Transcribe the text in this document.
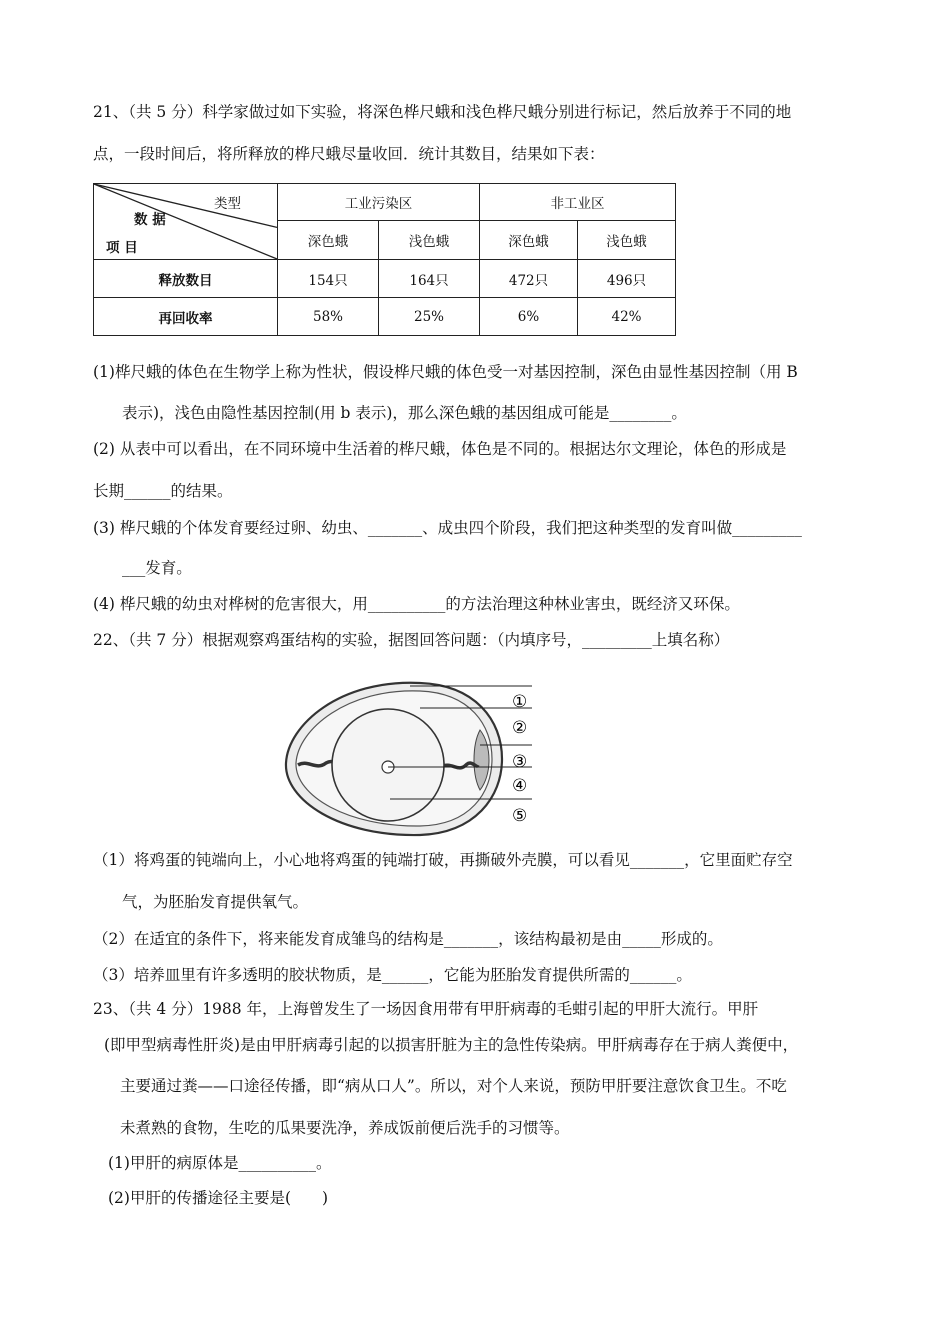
21、（共 5 分）科学家做过如下实验，将深色桦尺蛾和浅色桦尺蛾分别进行标记，然后放养于不同的地
点，一段时间后，将所释放的桦尺蛾尽量收回．统计其数目，结果如下表：
类型
数 据
项 目	工业污染区		非工业区	
	深色蛾	浅色蛾	深色蛾	浅色蛾
释放数目	154只	164只	472只	496只
再回收率	58%	25%	6%	42%
(1)桦尺蛾的体色在生物学上称为性状，假设桦尺蛾的体色受一对基因控制，深色由显性基因控制（用 B
表示)，浅色由隐性基因控制(用 b 表示)，那么深色蛾的基因组成可能是________。
(2) 从表中可以看出，在不同环境中生活着的桦尺蛾，体色是不同的。根据达尔文理论，体色的形成是
长期______的结果。
(3) 桦尺蛾的个体发育要经过卵、幼虫、_______、成虫四个阶段，我们把这种类型的发育叫做_________
___发育。
(4) 桦尺蛾的幼虫对桦树的危害很大，用__________的方法治理这种林业害虫，既经济又环保。
22、（共 7 分）根据观察鸡蛋结构的实验，据图回答问题：（内填序号，_________上填名称）
①
②
③
④
⑤
（1）将鸡蛋的钝端向上，小心地将鸡蛋的钝端打破，再撕破外壳膜，可以看见_______，它里面贮存空
气，为胚胎发育提供氧气。
（2）在适宜的条件下，将来能发育成雏鸟的结构是_______，该结构最初是由_____形成的。
（3）培养皿里有许多透明的胶状物质，是______，它能为胚胎发育提供所需的______。
23、（共 4 分）1988 年，上海曾发生了一场因食用带有甲肝病毒的毛蚶引起的甲肝大流行。甲肝
(即甲型病毒性肝炎)是由甲肝病毒引起的以损害肝脏为主的急性传染病。甲肝病毒存在于病人粪便中，
主要通过粪——口途径传播，即“病从口人”。所以，对个人来说，预防甲肝要注意饮食卫生。不吃
未煮熟的食物，生吃的瓜果要洗净，养成饭前便后洗手的习惯等。
(1)甲肝的病原体是__________。
(2)甲肝的传播途径主要是(　　)
